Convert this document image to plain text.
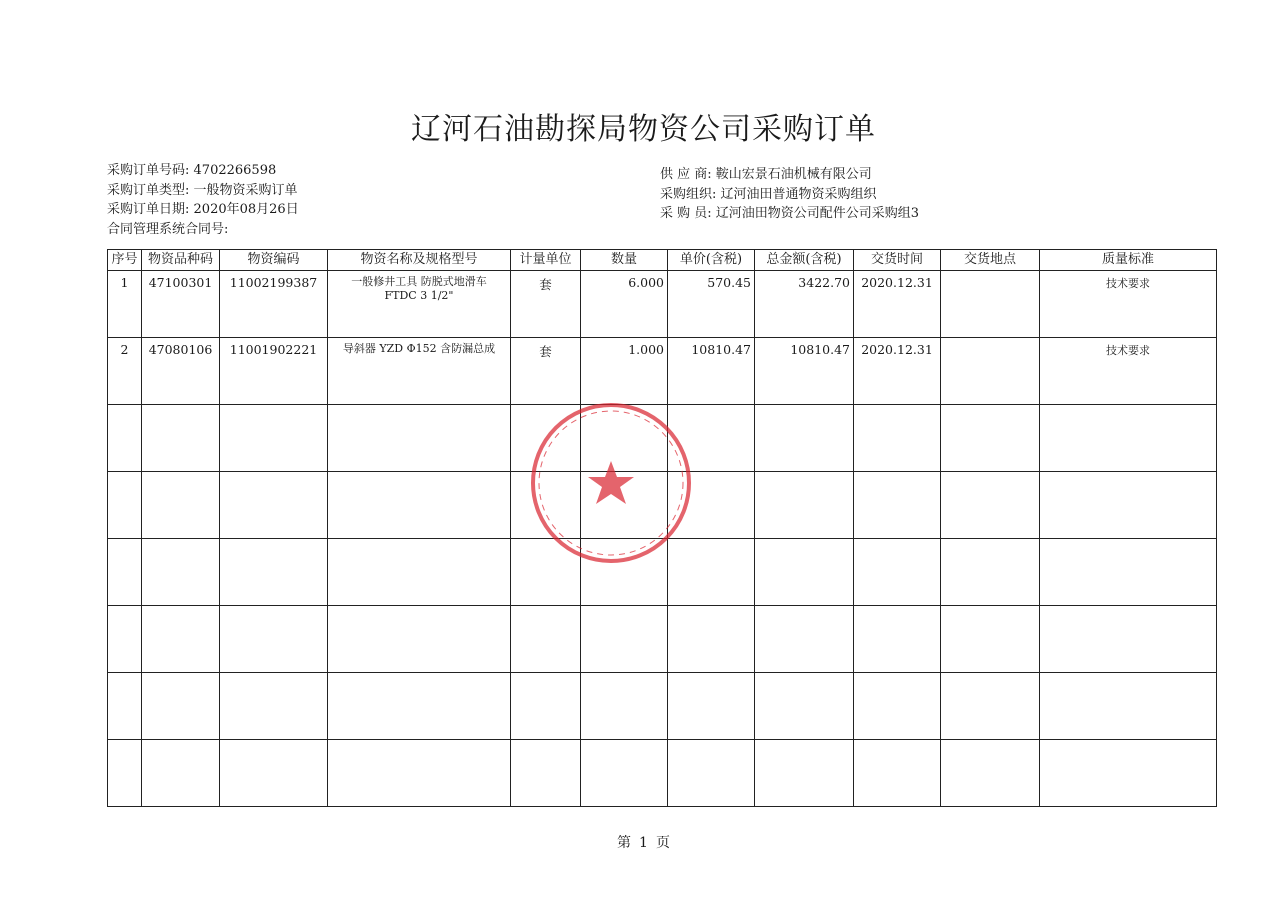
辽河石油勘探局物资公司采购订单
采购订单号码: 4702266598
采购订单类型: 一般物资采购订单
采购订单日期: 2020年08月26日
合同管理系统合同号:
供 应 商: 鞍山宏景石油机械有限公司
采购组织: 辽河油田普通物资采购组织
采 购 员: 辽河油田物资公司配件公司采购组3
序号	物资品种码	物资编码	物资名称及规格型号	计量单位	数量	单价(含税)	总金额(含税)	交货时间	交货地点	质量标准
1	47100301	11002199387	一般修井工具 防脱式地滑车
FTDC 3 1/2"	套	6.000	570.45	3422.70	2020.12.31		技术要求
2	47080106	11001902221	导斜器 YZD Φ152 含防漏总成	套	1.000	10810.47	10810.47	2020.12.31		技术要求

第 1 页
